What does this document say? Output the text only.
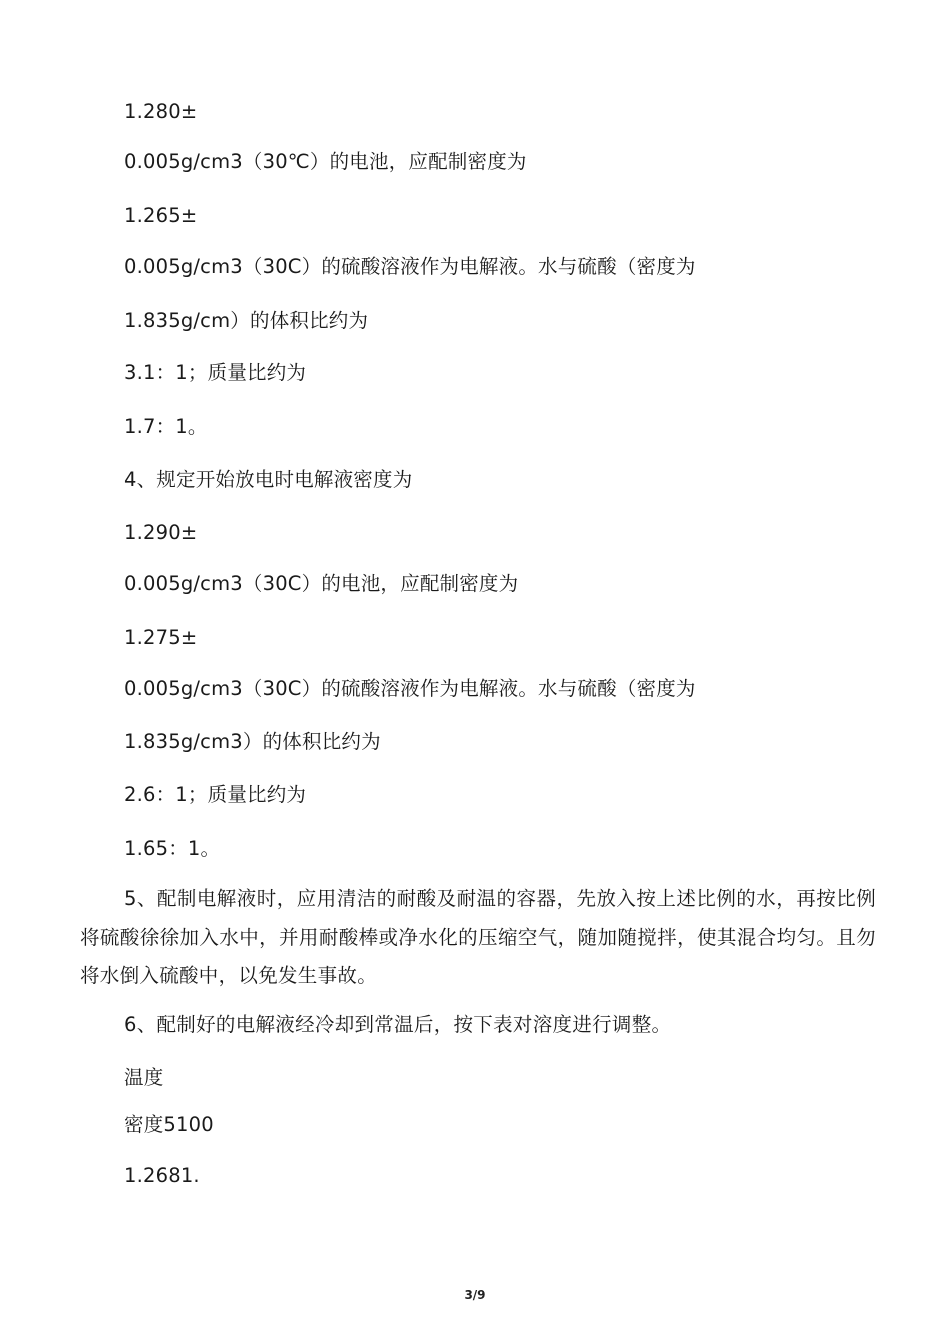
1.280±
0.005g/cm3（30℃）的电池，应配制密度为
1.265±
0.005g/cm3（30C）的硫酸溶液作为电解液。水与硫酸（密度为
1.835g/cm）的体积比约为
3.1：1；质量比约为
1.7：1。
4、规定开始放电时电解液密度为
1.290±
0.005g/cm3（30C）的电池，应配制密度为
1.275±
0.005g/cm3（30C）的硫酸溶液作为电解液。水与硫酸（密度为
1.835g/cm3）的体积比约为
2.6：1；质量比约为
1.65：1。
5、配制电解液时，应用清洁的耐酸及耐温的容器，先放入按上述比例的水，再按比例将硫酸徐徐加入水中，并用耐酸棒或净水化的压缩空气，随加随搅拌，使其混合均匀。且勿将水倒入硫酸中，以免发生事故。
6、配制好的电解液经冷却到常温后，按下表对溶度进行调整。
温度
密度5100
1.2681.
3/9
